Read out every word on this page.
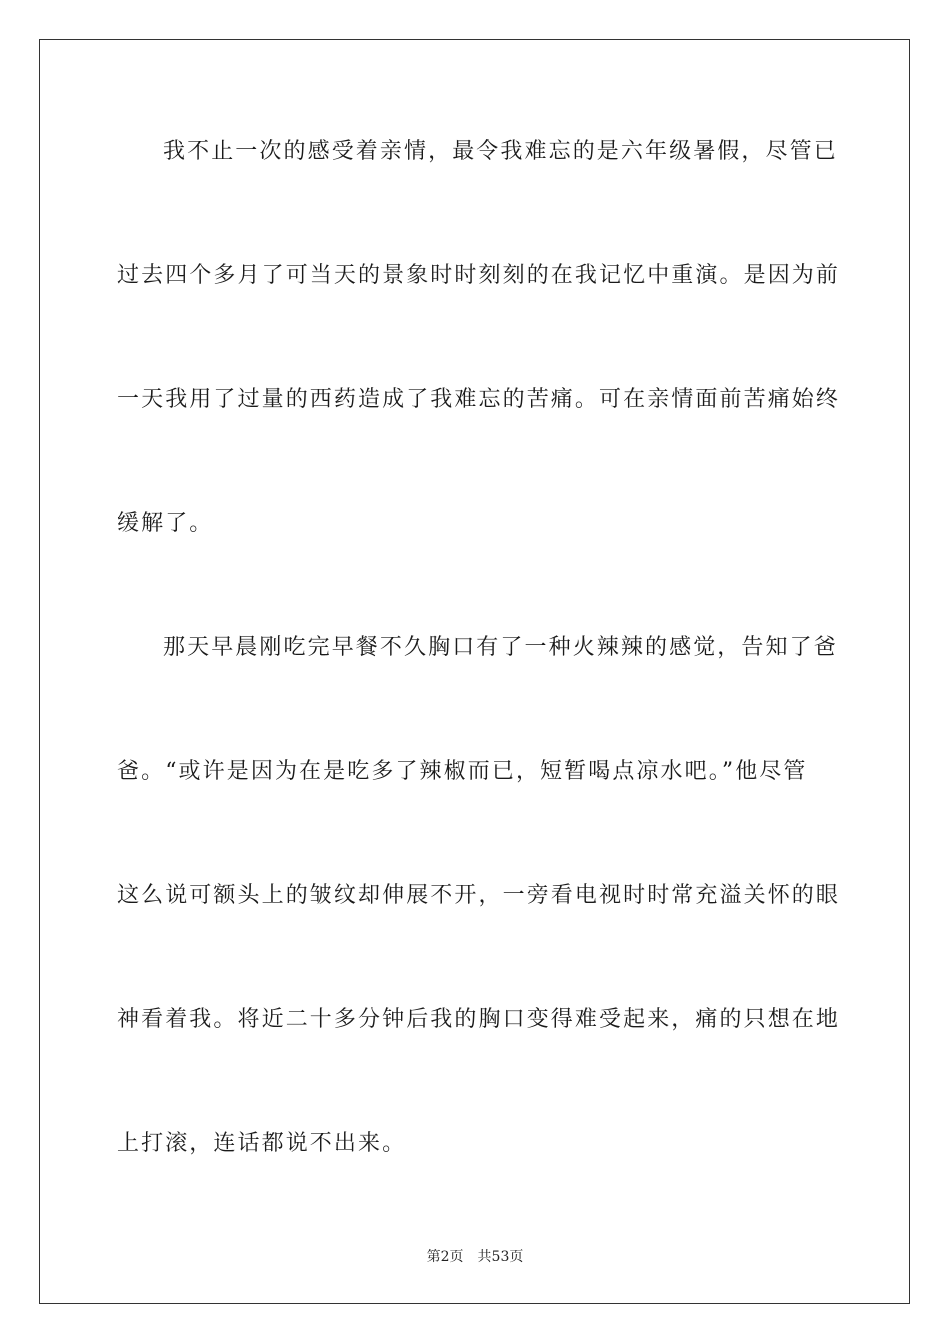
我不止一次的感受着亲情，最令我难忘的是六年级暑假，尽管已
过去四个多月了可当天的景象时时刻刻的在我记忆中重演。是因为前
一天我用了过量的西药造成了我难忘的苦痛。可在亲情面前苦痛始终
缓解了。
那天早晨刚吃完早餐不久胸口有了一种火辣辣的感觉，告知了爸
爸。“或许是因为在是吃多了辣椒而已，短暂喝点凉水吧。”他尽管
这么说可额头上的皱纹却伸展不开，一旁看电视时时常充溢关怀的眼
神看着我。将近二十多分钟后我的胸口变得难受起来，痛的只想在地
上打滚，连话都说不出来。
第2页 共53页
